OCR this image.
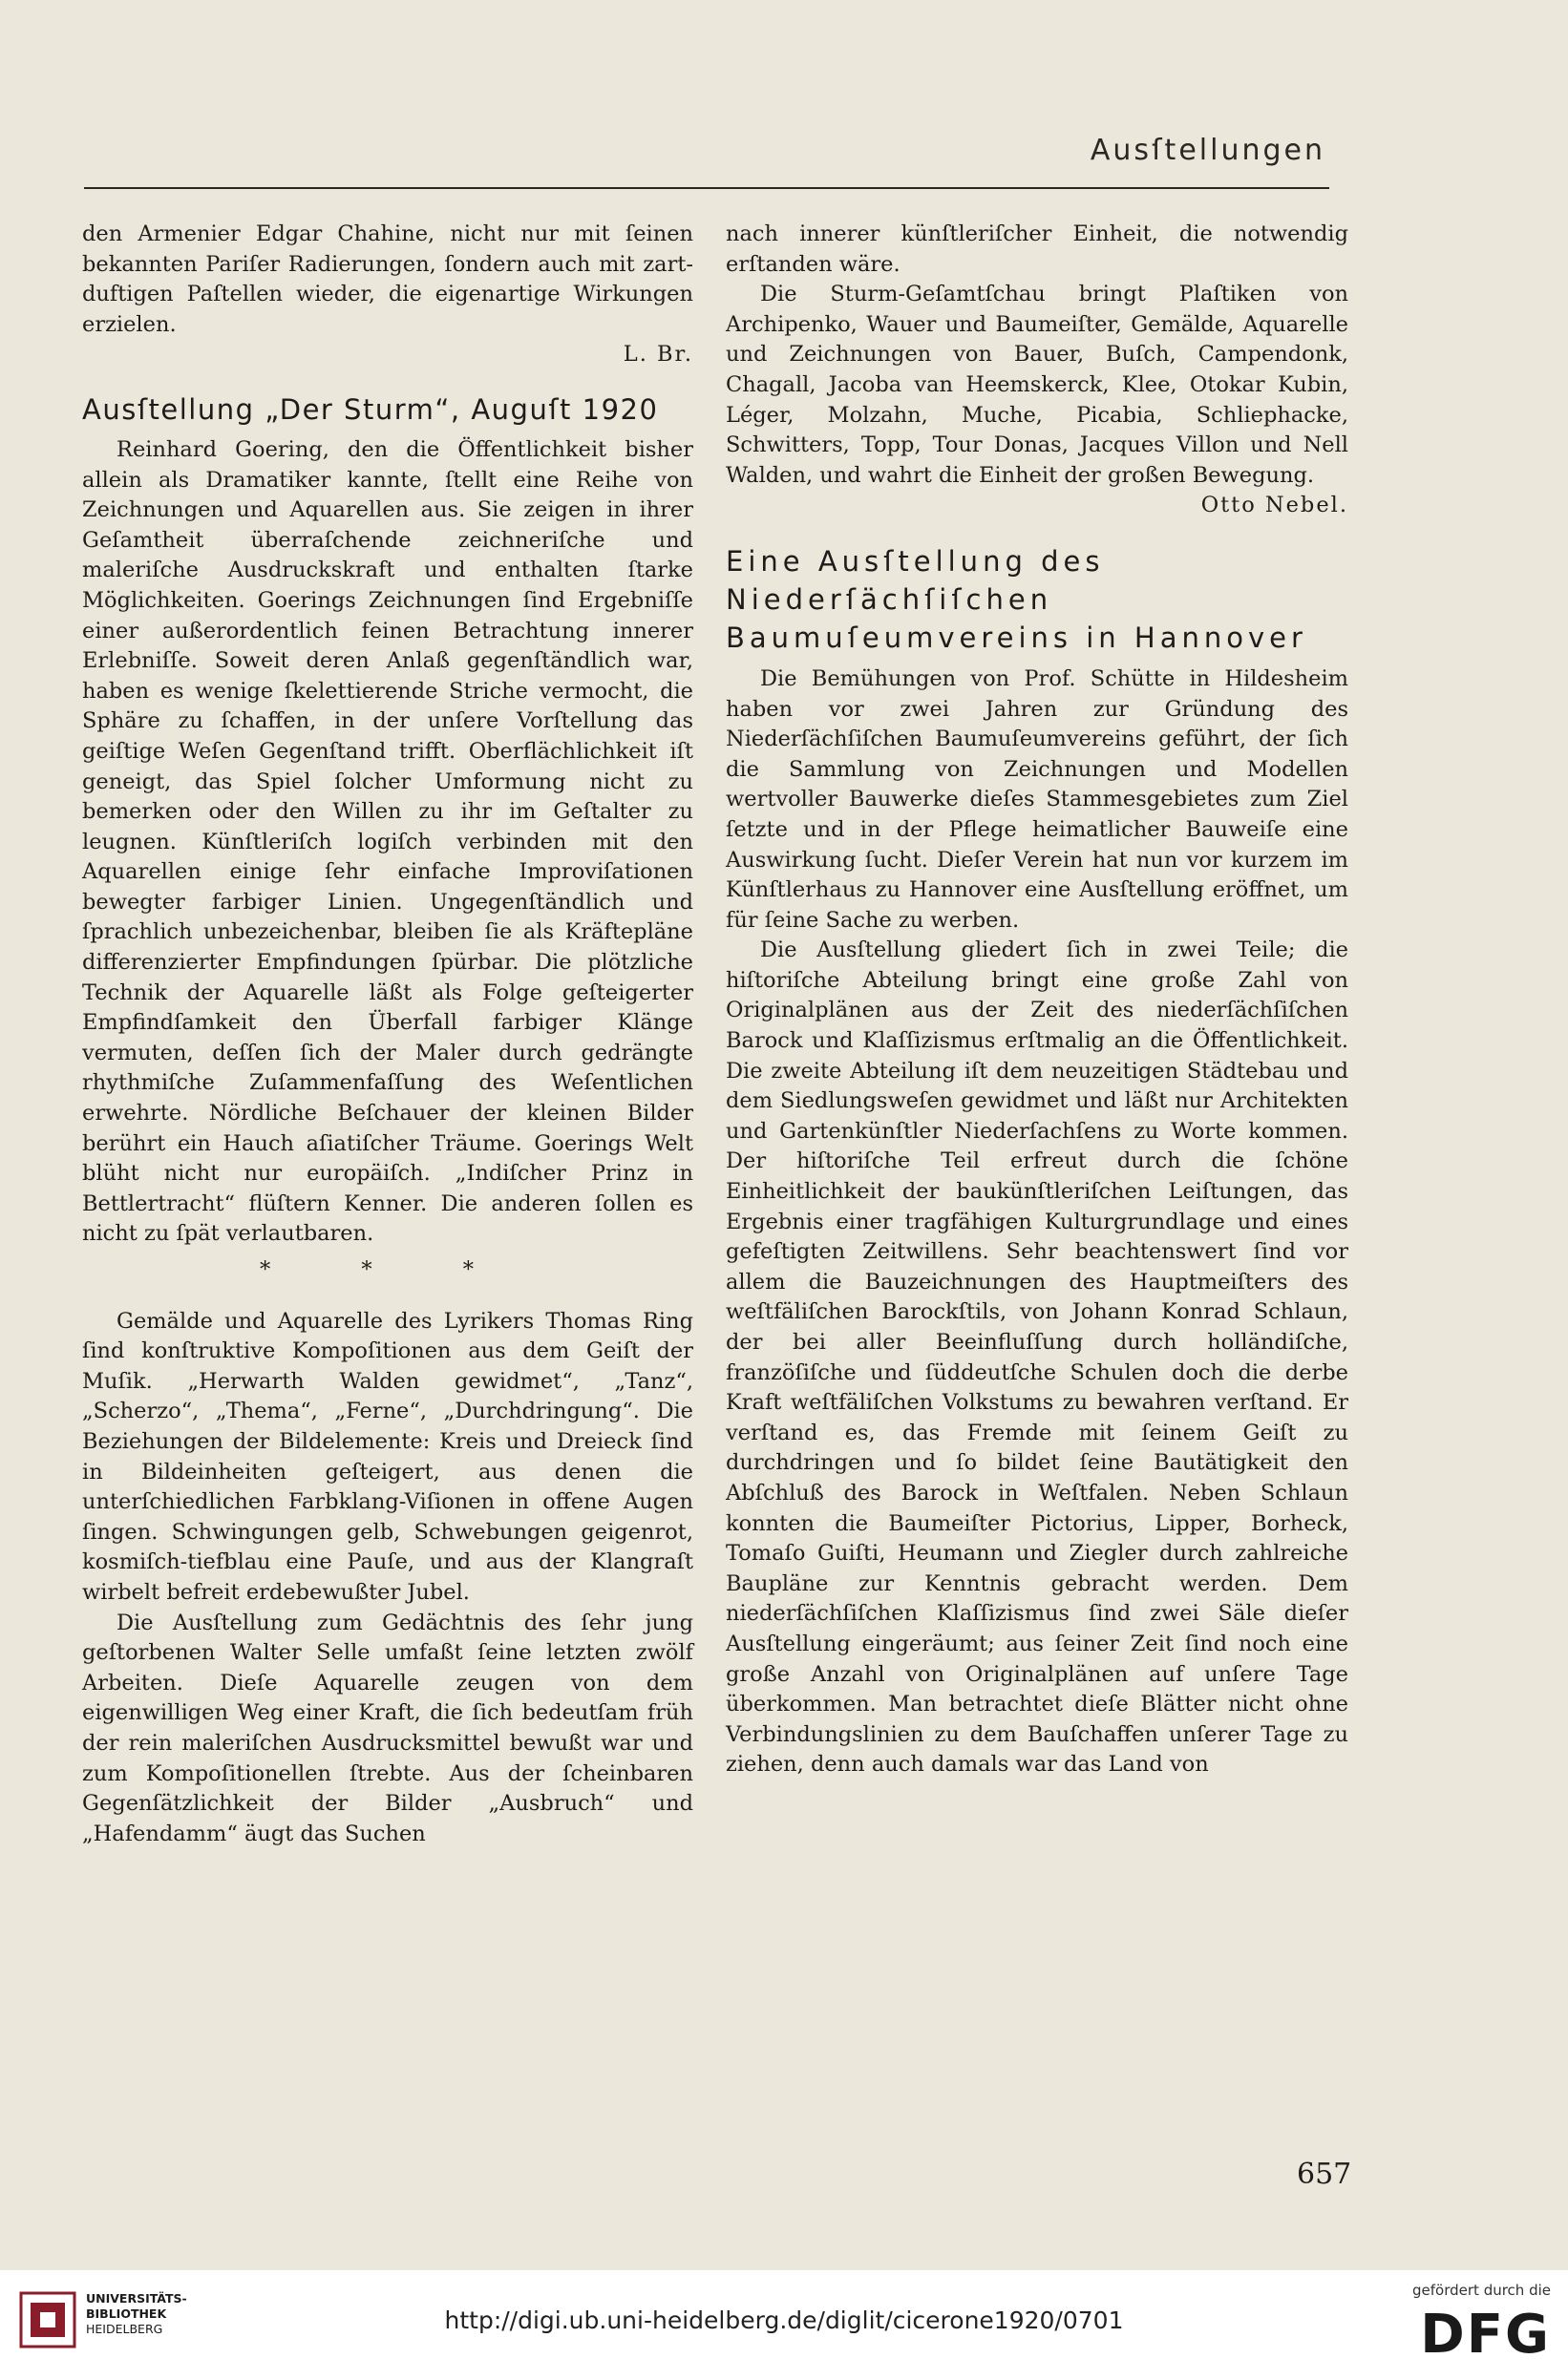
Ausſtellungen

den Armenier Edgar Chahine, nicht nur mit ſeinen bekannten Pariſer Radierungen, ſondern auch mit zart-duftigen Paſtellen wieder, die eigenartige Wirkungen erzielen.

L. Br.

Ausſtellung „Der Sturm“, Auguſt 1920

Reinhard Goering, den die Öffentlichkeit bisher allein als Dramatiker kannte, ſtellt eine Reihe von Zeichnungen und Aquarellen aus. Sie zeigen in ihrer Geſamtheit überraſchende zeichneriſche und maleriſche Ausdruckskraft und enthalten ſtarke Möglichkeiten. Goerings Zeichnungen ſind Ergebniſſe einer außerordentlich feinen Betrachtung innerer Erlebniſſe. Soweit deren Anlaß gegenſtändlich war, haben es wenige ſkelettierende Striche vermocht, die Sphäre zu ſchaffen, in der unſere Vorſtellung das geiſtige Weſen Gegenſtand trifft. Oberflächlichkeit iſt geneigt, das Spiel ſolcher Umformung nicht zu bemerken oder den Willen zu ihr im Geſtalter zu leugnen. Künſtleriſch logiſch verbinden mit den Aquarellen einige ſehr einfache Improviſationen bewegter farbiger Linien. Ungegenſtändlich und ſprachlich unbezeichenbar, bleiben ſie als Kräftepläne differenzierter Empfindungen ſpürbar. Die plötzliche Technik der Aquarelle läßt als Folge geſteigerter Empfindſamkeit den Überfall farbiger Klänge vermuten, deſſen ſich der Maler durch gedrängte rhythmiſche Zuſammenfaſſung des Weſentlichen erwehrte. Nördliche Beſchauer der kleinen Bilder berührt ein Hauch aſiatiſcher Träume. Goerings Welt blüht nicht nur europäiſch. „Indiſcher Prinz in Bettlertracht“ flüſtern Kenner. Die anderen ſollen es nicht zu ſpät verlautbaren.

* * *

Gemälde und Aquarelle des Lyrikers Thomas Ring ſind konſtruktive Kompoſitionen aus dem Geiſt der Muſik. „Herwarth Walden gewidmet“, „Tanz“, „Scherzo“, „Thema“, „Ferne“, „Durchdringung“. Die Beziehungen der Bildelemente: Kreis und Dreieck ſind in Bildeinheiten geſteigert, aus denen die unterſchiedlichen Farbklang-Viſionen in offene Augen ſingen. Schwingungen gelb, Schwebungen geigenrot, kosmiſch-tiefblau eine Pauſe, und aus der Klangraſt wirbelt befreit erdebewußter Jubel.

Die Ausſtellung zum Gedächtnis des ſehr jung geſtorbenen Walter Selle umfaßt ſeine letzten zwölf Arbeiten. Dieſe Aquarelle zeugen von dem eigenwilligen Weg einer Kraft, die ſich bedeutſam früh der rein maleriſchen Ausdrucksmittel bewußt war und zum Kompoſitionellen ſtrebte. Aus der ſcheinbaren Gegenſätzlichkeit der Bilder „Ausbruch“ und „Hafendamm“ äugt das Suchen

nach innerer künſtleriſcher Einheit, die notwendig erſtanden wäre.

Die Sturm-Geſamtſchau bringt Plaſtiken von Archipenko, Wauer und Baumeiſter, Gemälde, Aquarelle und Zeichnungen von Bauer, Buſch, Campendonk, Chagall, Jacoba van Heemskerck, Klee, Otokar Kubin, Léger, Molzahn, Muche, Picabia, Schliephacke, Schwitters, Topp, Tour Donas, Jacques Villon und Nell Walden, und wahrt die Einheit der großen Bewegung.

Otto Nebel.

Eine Ausſtellung des Niederſächſiſchen Baumuſeumvereins in Hannover

Die Bemühungen von Prof. Schütte in Hildesheim haben vor zwei Jahren zur Gründung des Niederſächſiſchen Baumuſeumvereins geführt, der ſich die Sammlung von Zeichnungen und Modellen wertvoller Bauwerke dieſes Stammesgebietes zum Ziel ſetzte und in der Pflege heimatlicher Bauweiſe eine Auswirkung ſucht. Dieſer Verein hat nun vor kurzem im Künſtlerhaus zu Hannover eine Ausſtellung eröffnet, um für ſeine Sache zu werben.

Die Ausſtellung gliedert ſich in zwei Teile; die hiſtoriſche Abteilung bringt eine große Zahl von Originalplänen aus der Zeit des niederſächſiſchen Barock und Klaſſizismus erſtmalig an die Öffentlichkeit. Die zweite Abteilung iſt dem neuzeitigen Städtebau und dem Siedlungsweſen gewidmet und läßt nur Architekten und Gartenkünſtler Niederſachſens zu Worte kommen. Der hiſtoriſche Teil erfreut durch die ſchöne Einheitlichkeit der baukünſtleriſchen Leiſtungen, das Ergebnis einer tragfähigen Kulturgrundlage und eines gefeſtigten Zeitwillens. Sehr beachtenswert ſind vor allem die Bauzeichnungen des Hauptmeiſters des weſtfäliſchen Barockſtils, von Johann Konrad Schlaun, der bei aller Beeinfluſſung durch holländiſche, franzöſiſche und ſüddeutſche Schulen doch die derbe Kraft weſtfäliſchen Volkstums zu bewahren verſtand. Er verſtand es, das Fremde mit ſeinem Geiſt zu durchdringen und ſo bildet ſeine Bautätigkeit den Abſchluß des Barock in Weſtfalen. Neben Schlaun konnten die Baumeiſter Pictorius, Lipper, Borheck, Tomaſo Guiſti, Heumann und Ziegler durch zahlreiche Baupläne zur Kenntnis gebracht werden. Dem niederſächſiſchen Klaſſizismus ſind zwei Säle dieſer Ausſtellung eingeräumt; aus ſeiner Zeit ſind noch eine große Anzahl von Originalplänen auf unſere Tage überkommen. Man betrachtet dieſe Blätter nicht ohne Verbindungslinien zu dem Bauſchaffen unſerer Tage zu ziehen, denn auch damals war das Land von

657
UNIVERSITÄTS-
BIBLIOTHEK
HEIDELBERG	http://digi.ub.uni-heidelberg.de/diglit/cicerone1920/0701
gefördert durch die
DFG
